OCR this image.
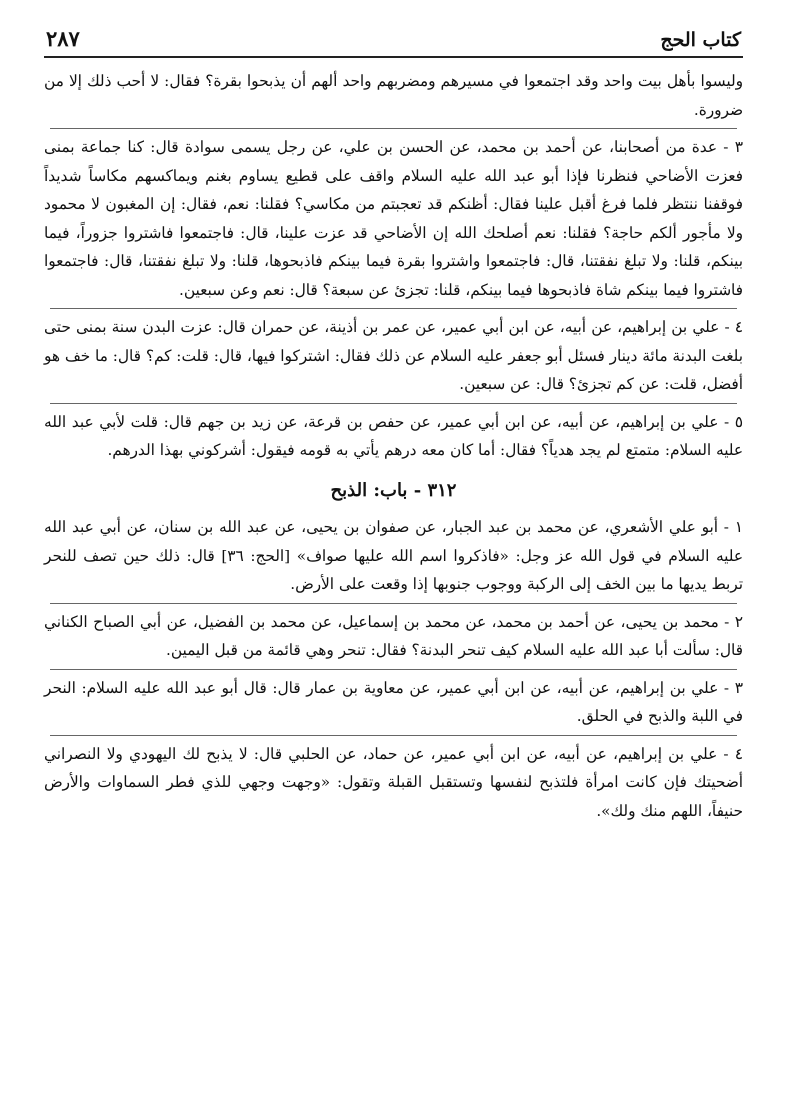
٢٨٧	كتاب الحج

وليسوا بأهل بيت واحد وقد اجتمعوا في مسيرهم ومضربهم واحد ألهم أن يذبحوا بقرة؟ فقال: لا أحب ذلك إلا من ضرورة.

٣ - عدة من أصحابنا، عن أحمد بن محمد، عن الحسن بن علي، عن رجل يسمى سوادة قال: كنا جماعة بمنى فعزت الأضاحي فنظرنا فإذا أبو عبد الله عليه السلام واقف على قطيع يساوم بغنم ويماكسهم مكاساً شديداً فوقفنا ننتظر فلما فرغ أقبل علينا فقال: أظنكم قد تعجبتم من مكاسي؟ فقلنا: نعم، فقال: إن المغبون لا محمود ولا مأجور ألكم حاجة؟ فقلنا: نعم أصلحك الله إن الأضاحي قد عزت علينا، قال: فاجتمعوا فاشتروا جزوراً، فيما بينكم، قلنا: ولا تبلغ نفقتنا، قال: فاجتمعوا واشتروا بقرة فيما بينكم فاذبحوها، قلنا: ولا تبلغ نفقتنا، قال: فاجتمعوا فاشتروا فيما بينكم شاة فاذبحوها فيما بينكم، قلنا: تجزئ عن سبعة؟ قال: نعم وعن سبعين.

٤ - علي بن إبراهيم، عن أبيه، عن ابن أبي عمير، عن عمر بن أذينة، عن حمران قال: عزت البدن سنة بمنى حتى بلغت البدنة مائة دينار فسئل أبو جعفر عليه السلام عن ذلك فقال: اشتركوا فيها، قال: قلت: كم؟ قال: ما خف هو أفضل، قلت: عن كم تجزئ؟ قال: عن سبعين.

٥ - علي بن إبراهيم، عن أبيه، عن ابن أبي عمير، عن حفص بن قرعة، عن زيد بن جهم قال: قلت لأبي عبد الله عليه السلام: متمتع لم يجد هدياً؟ فقال: أما كان معه درهم يأتي به قومه فيقول: أشركوني بهذا الدرهم.

٣١٢ - باب: الذبح

١ - أبو علي الأشعري، عن محمد بن عبد الجبار، عن صفوان بن يحيى، عن عبد الله بن سنان، عن أبي عبد الله عليه السلام في قول الله عز وجل: «فاذكروا اسم الله عليها صواف» [الحج: ٣٦] قال: ذلك حين تصف للنحر تربط يديها ما بين الخف إلى الركبة ووجوب جنوبها إذا وقعت على الأرض.

٢ - محمد بن يحيى، عن أحمد بن محمد، عن محمد بن إسماعيل، عن محمد بن الفضيل، عن أبي الصباح الكناني قال: سألت أبا عبد الله عليه السلام كيف تنحر البدنة؟ فقال: تنحر وهي قائمة من قبل اليمين.

٣ - علي بن إبراهيم، عن أبيه، عن ابن أبي عمير، عن معاوية بن عمار قال: قال أبو عبد الله عليه السلام: النحر في اللبة والذبح في الحلق.

٤ - علي بن إبراهيم، عن أبيه، عن ابن أبي عمير، عن حماد، عن الحلبي قال: لا يذبح لك اليهودي ولا النصراني أضحيتك فإن كانت امرأة فلتذبح لنفسها وتستقبل القبلة وتقول: «وجهت وجهي للذي فطر السماوات والأرض حنيفاً، اللهم منك ولك».
